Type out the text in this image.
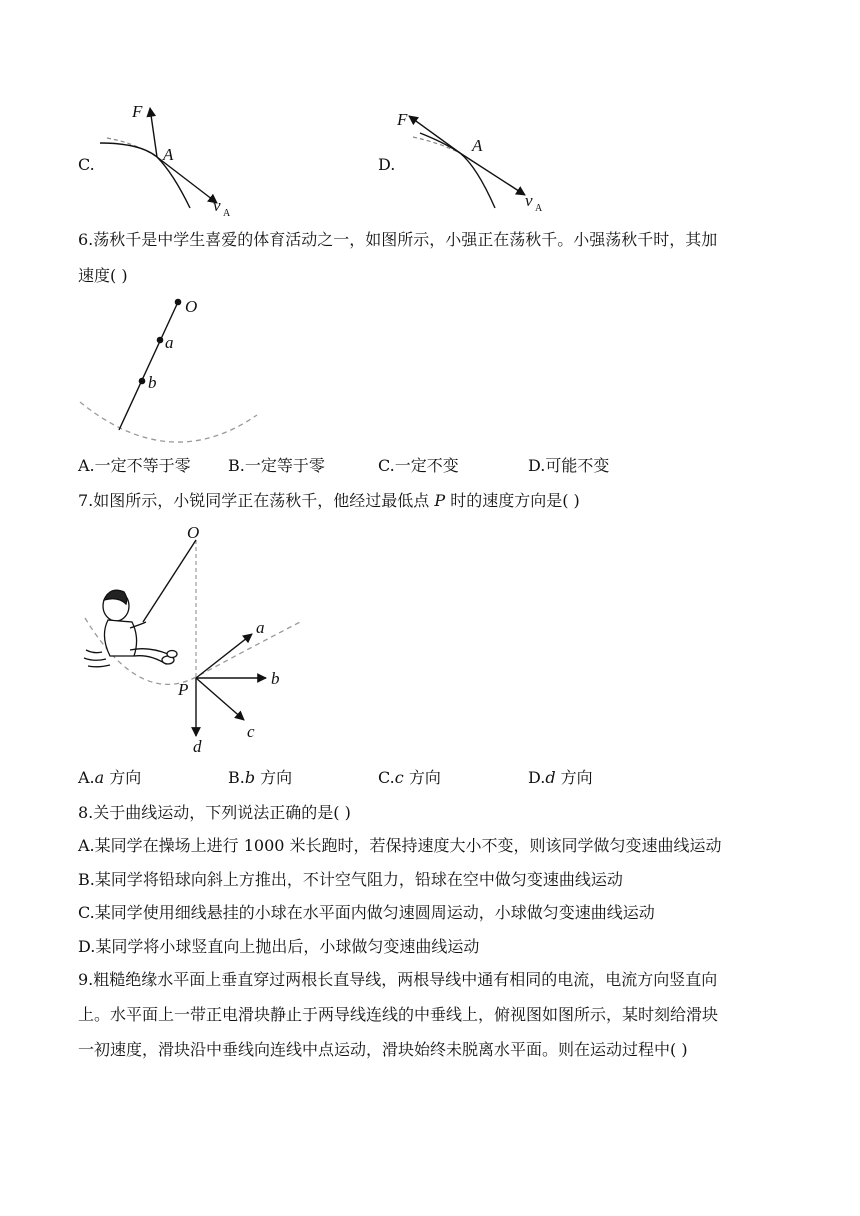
C.
F
A
v A
D.
F
A
v A
6.荡秋千是中学生喜爱的体育活动之一，如图所示，小强正在荡秋千。小强荡秋千时，其加
速度( )
O
a
b
A.一定不等于零 B.一定等于零	C.一定不变	D.可能不变
7.如图所示，小锐同学正在荡秋千，他经过最低点 P 时的速度方向是( )
O
P
a
b
c
d
A.a 方向	B.b 方向	C.c 方向	D.d 方向
8.关于曲线运动，下列说法正确的是( )
A.某同学在操场上进行 1000 米长跑时，若保持速度大小不变，则该同学做匀变速曲线运动
B.某同学将铅球向斜上方推出，不计空气阻力，铅球在空中做匀变速曲线运动
C.某同学使用细线悬挂的小球在水平面内做匀速圆周运动，小球做匀变速曲线运动
D.某同学将小球竖直向上抛出后，小球做匀变速曲线运动
9.粗糙绝缘水平面上垂直穿过两根长直导线，两根导线中通有相同的电流，电流方向竖直向
上。水平面上一带正电滑块静止于两导线连线的中垂线上，俯视图如图所示，某时刻给滑块
一初速度，滑块沿中垂线向连线中点运动，滑块始终未脱离水平面。则在运动过程中( )
